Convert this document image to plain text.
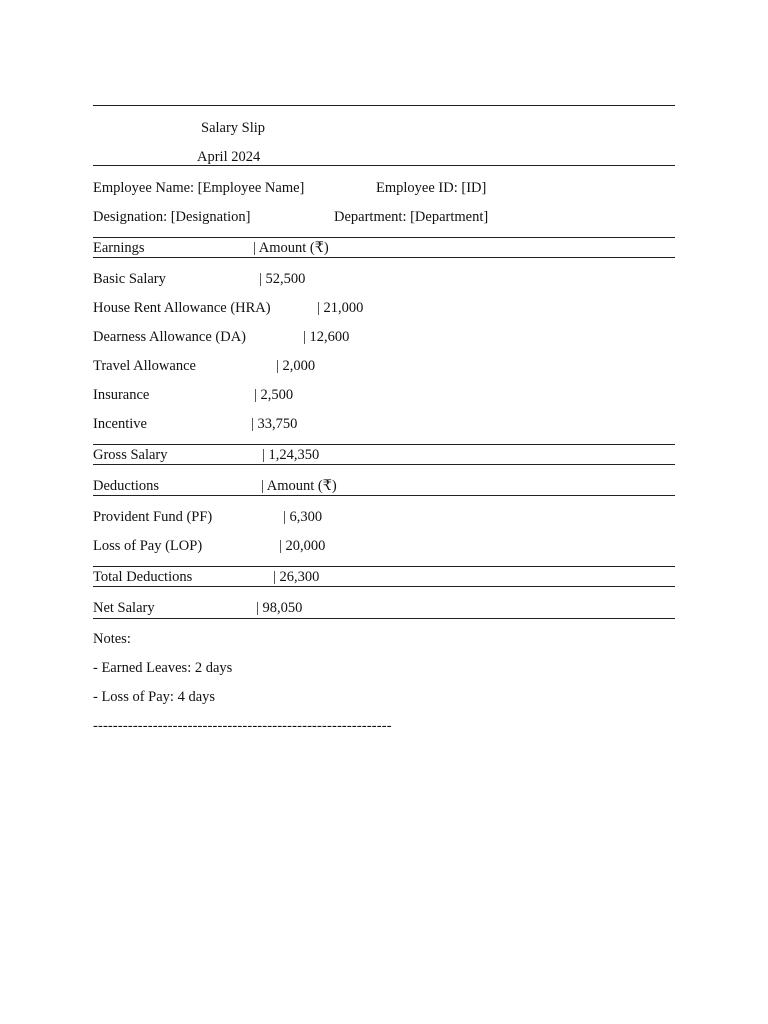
Salary Slip
April 2024
Employee Name: [Employee Name]	Employee ID: [ID]
Designation: [Designation]	Department: [Department]
Earnings	| Amount (₹)
Basic Salary	| 52,500
House Rent Allowance (HRA)	| 21,000
Dearness Allowance (DA)	| 12,600
Travel Allowance	| 2,000
Insurance	| 2,500
Incentive	| 33,750
Gross Salary	| 1,24,350
Deductions	| Amount (₹)
Provident Fund (PF)	| 6,300
Loss of Pay (LOP)	| 20,000
Total Deductions	| 26,300
Net Salary	| 98,050
Notes:
- Earned Leaves: 2 days
- Loss of Pay: 4 days
------------------------------------------------------------
